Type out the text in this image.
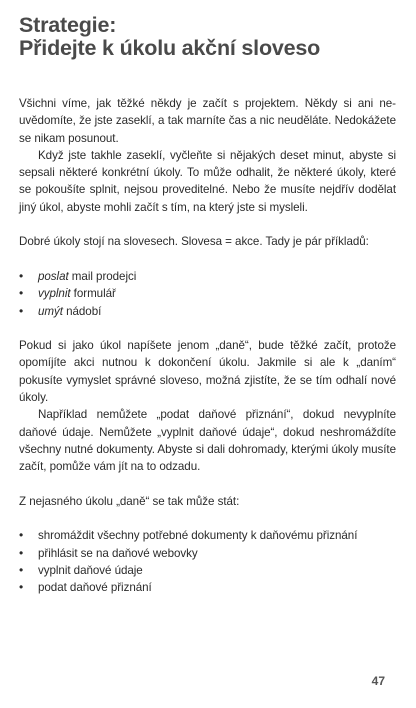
Strategie:
Přidejte k úkolu akční sloveso

Všichni víme, jak těžké někdy je začít s projektem. Někdy si ani neuvědomíte, že jste zaseklí, a tak marníte čas a nic neuděláte. Nedokážete se nikam posunout.

Když jste takhle zaseklí, vyčleňte si nějakých deset minut, abyste si sepsali některé konkrétní úkoly. To může odhalit, že některé úkoly, které se pokoušíte splnit, nejsou proveditelné. Nebo že musíte nejdřív dodělat jiný úkol, abyste mohli začít s tím, na který jste si mysleli.

Dobré úkoly stojí na slovesech. Slovesa = akce. Tady je pár příkladů:

•	poslat mail prodejci
•	vyplnit formulář
•	umýt nádobí

Pokud si jako úkol napíšete jenom „daně“, bude těžké začít, protože opomíjíte akci nutnou k dokončení úkolu. Jakmile si ale k „daním“ pokusíte vymyslet správné sloveso, možná zjistíte, že se tím odhalí nové úkoly.

Například nemůžete „podat daňové přiznání“, dokud nevyplníte daňové údaje. Nemůžete „vyplnit daňové údaje“, dokud neshromáždíte všechny nutné dokumenty. Abyste si dali dohromady, kterými úkoly musíte začít, pomůže vám jít na to odzadu.

Z nejasného úkolu „daně“ se tak může stát:

•	shromáždit všechny potřebné dokumenty k daňovému přiznání
•	přihlásit se na daňové webovky
•	vyplnit daňové údaje
•	podat daňové přiznání
47
